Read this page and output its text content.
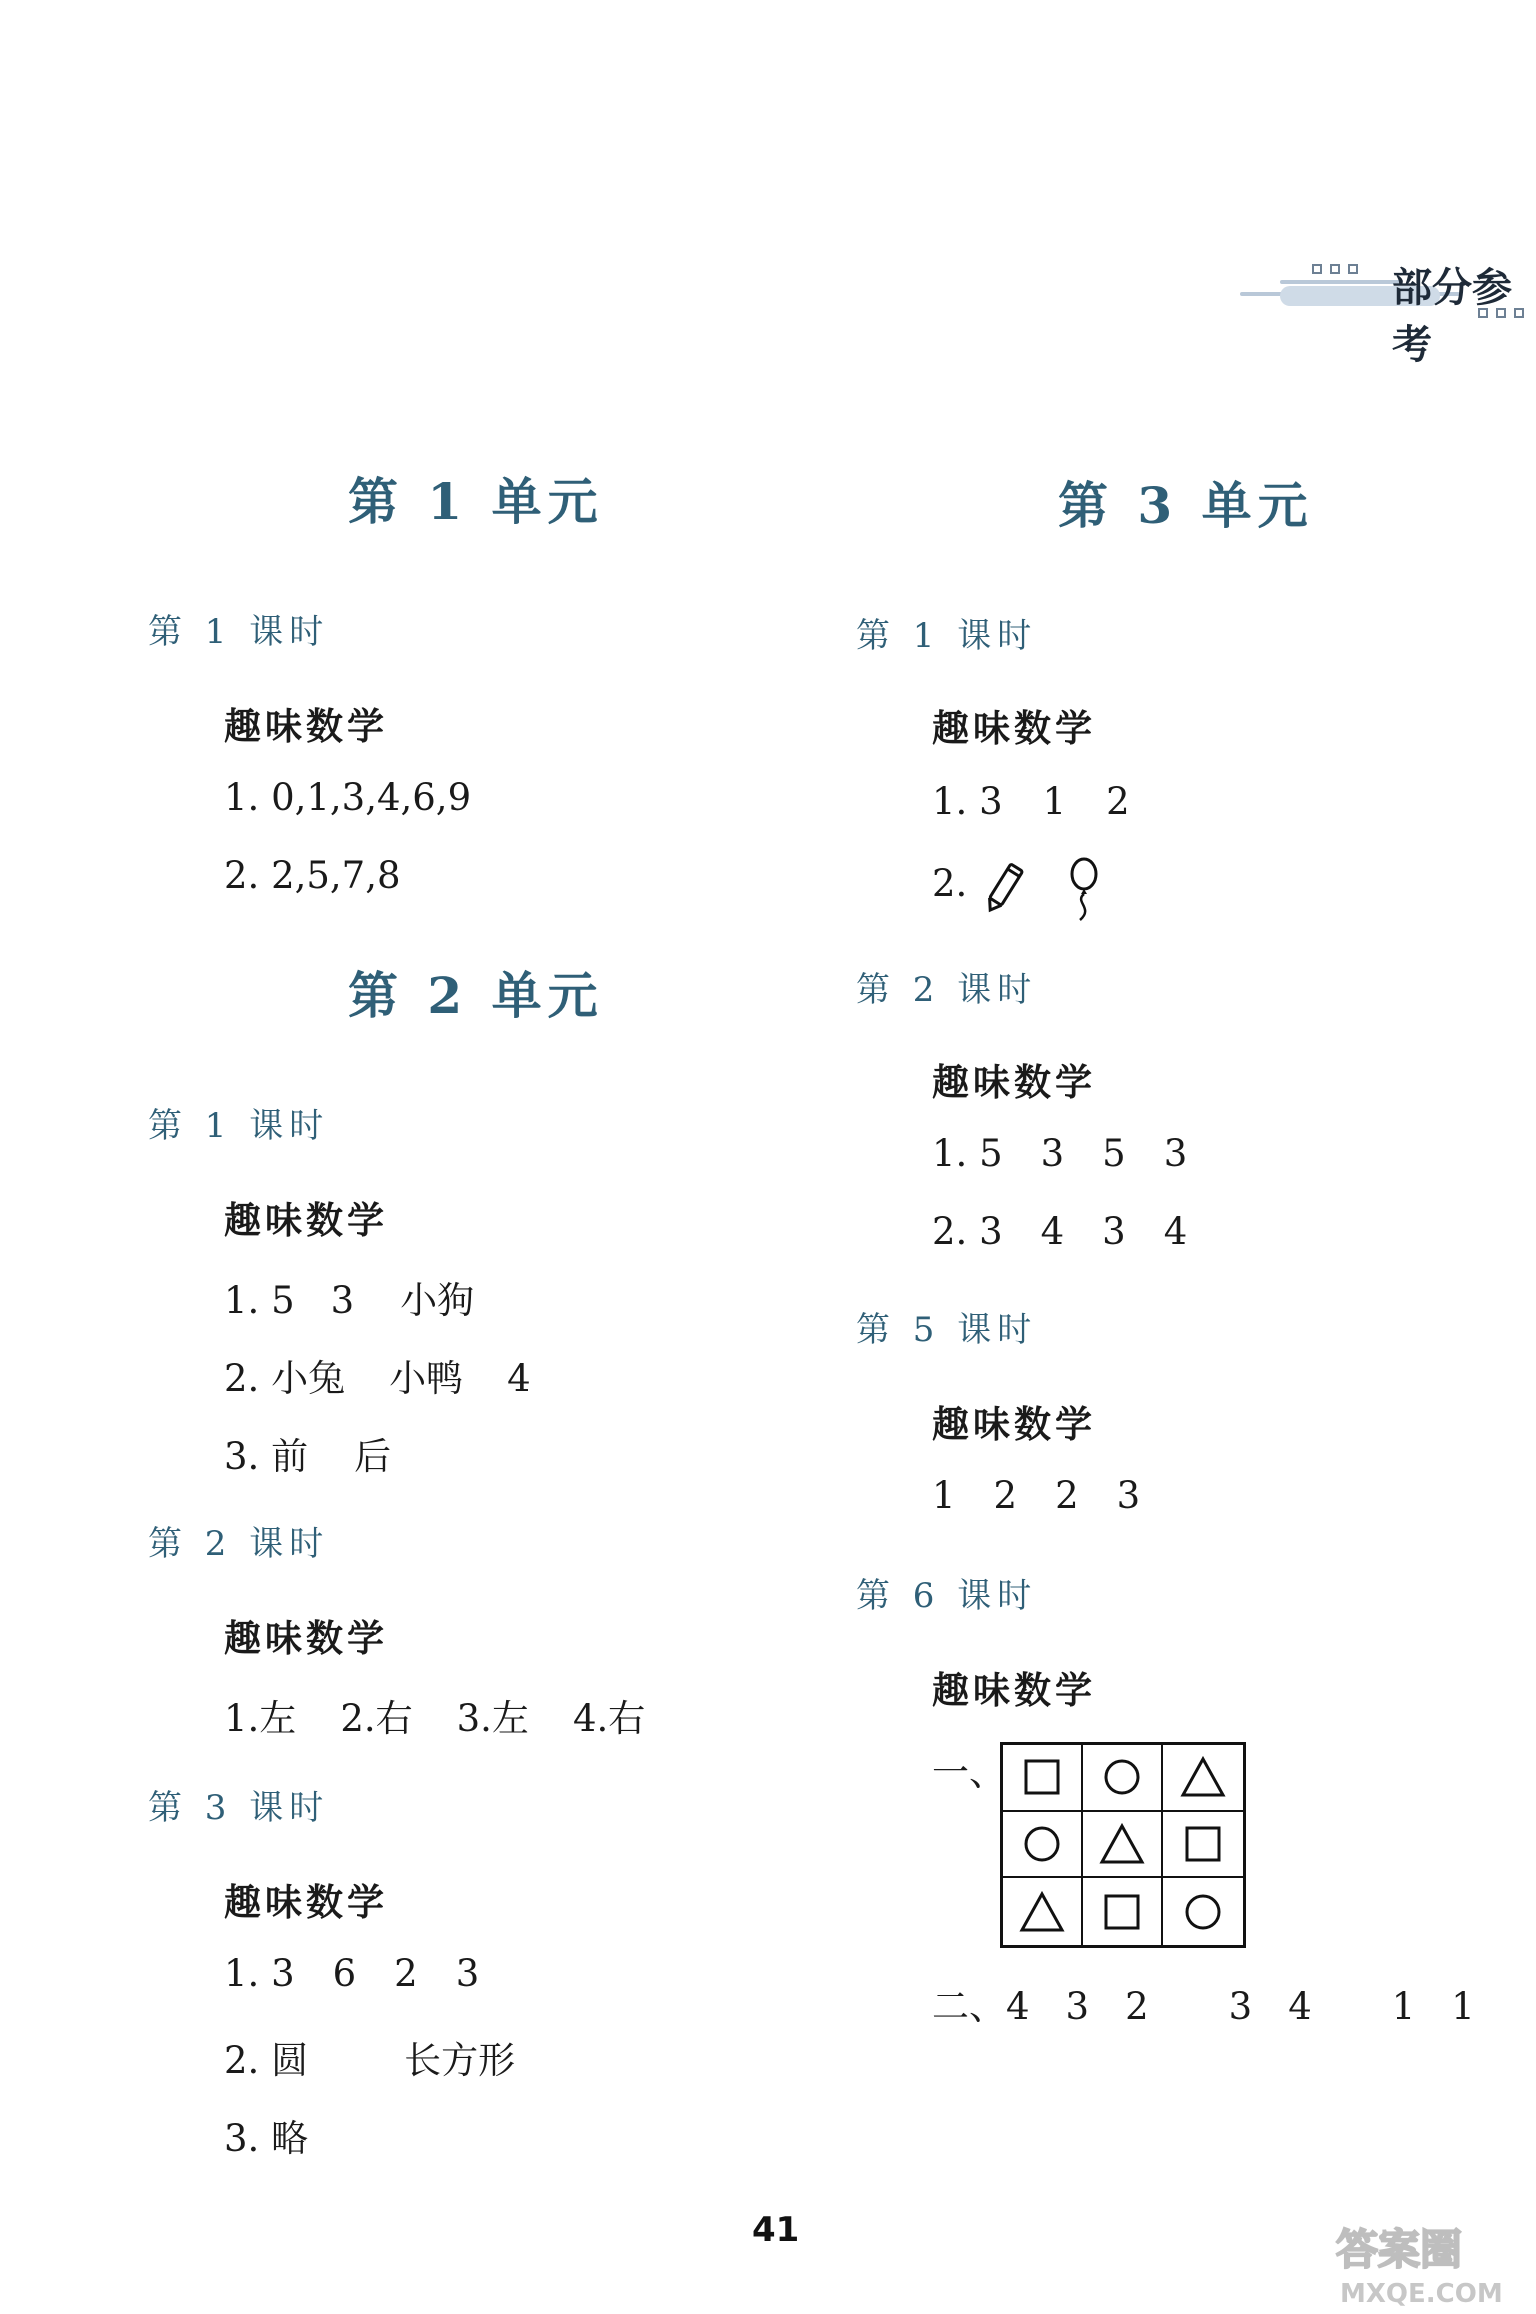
部分参考
第 1 单元
第 1 课时
趣味数学
1. 0,1,3,4,6,9
2. 2,5,7,8
第 2 单元
第 1 课时
趣味数学
1. 5 3 小狗
2. 小兔 小鸭 4
3. 前 后
第 2 课时
趣味数学
1.左 2.右 3.左 4.右
第 3 课时
趣味数学
1. 3 6 2 3
2. 圆	长方形
3. 略
第 3 单元
第 1 课时
趣味数学
1. 3 1 2
2.
第 2 课时
趣味数学
1. 5 3 5 3
2. 3 4 3 4
第 5 课时
趣味数学
1 2 2 3
第 6 课时
趣味数学
一、
二、4 3 2 3 4 1 1
41	答案圈
MXQE.COM
